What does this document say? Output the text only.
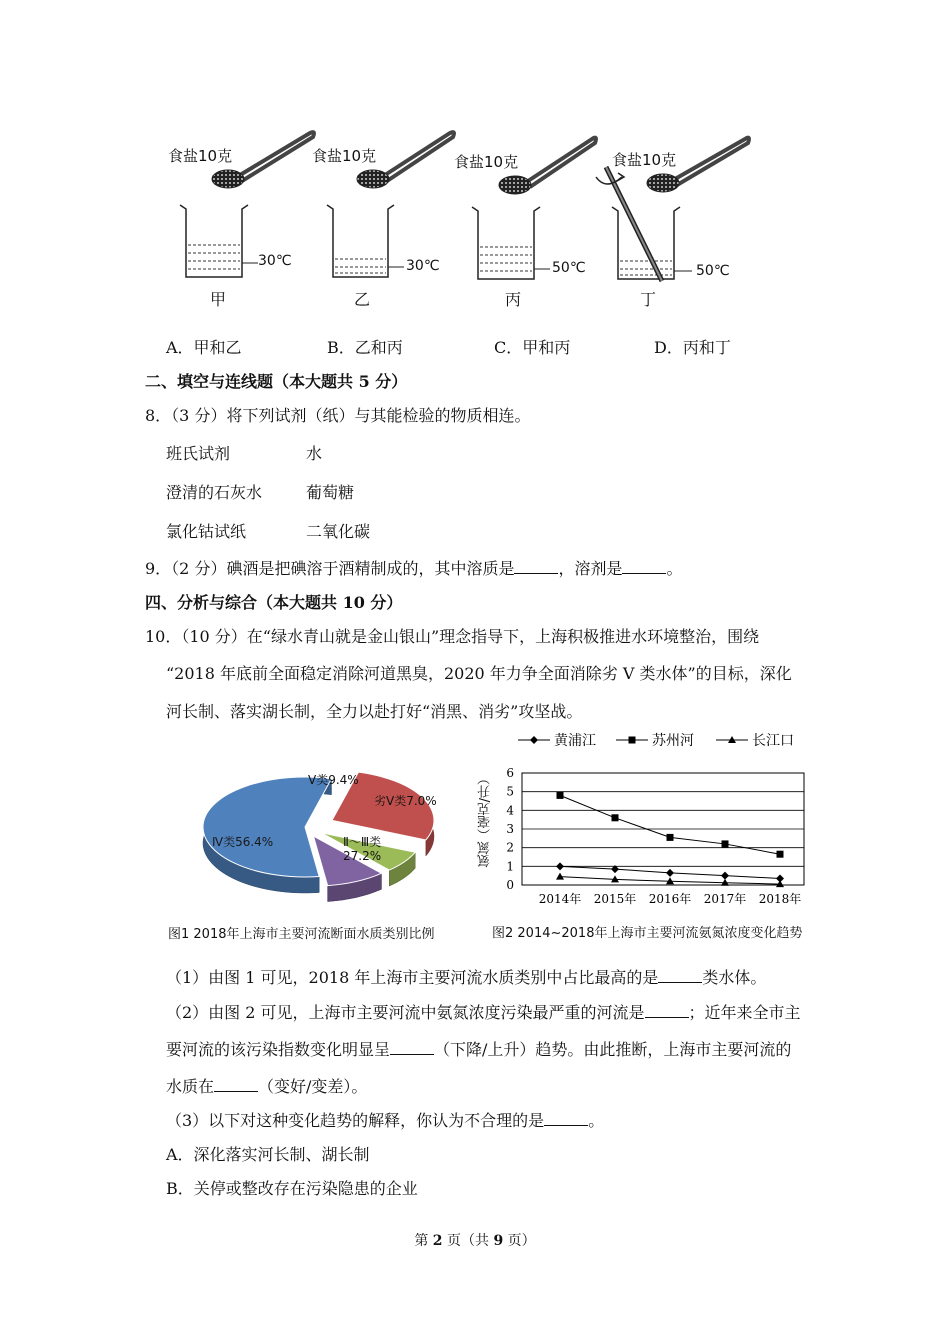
食盐10克	食盐10克	食盐10克	食盐10克
30℃	30℃	50℃	50℃
甲	乙	丙	丁
A．甲和乙	B．乙和丙	C．甲和丙	D．丙和丁
二、填空与连线题（本大题共 5 分）
8．（3 分）将下列试剂（纸）与其能检验的物质相连。
班氏试剂	水
澄清的石灰水	葡萄糖
氯化钴试纸	二氧化碳
9．（2 分）碘酒是把碘溶于酒精制成的，其中溶质是	，溶剂是	。
四、分析与综合（本大题共 10 分）
10．（10 分）在“绿水青山就是金山银山”理念指导下，上海积极推进水环境整治，围绕
“2018 年底前全面稳定消除河道黑臭，2020 年力争全面消除劣 V 类水体”的目标，深化
河长制、落实湖长制，全力以赴打好“消黑、消劣”攻坚战。
Ⅳ类56.4%	Ⅱ～Ⅲ类
27.2%
劣Ⅴ类7.0%
Ⅴ类9.4%
图1 2018年上海市主要河流断面水质类别比例
黄浦江	苏州河	长江口
0
1
2
3
4
5
6
2014年 2015年 2016年 2017年 2018年
氨氮（毫克/升）
图2 2014~2018年上海市主要河流氨氮浓度变化趋势
（1）由图 1 可见，2018 年上海市主要河流水质类别中占比最高的是	类水体。
（2）由图 2 可见，上海市主要河流中氨氮浓度污染最严重的河流是	；近年来全市主
要河流的该污染指数变化明显呈	（下降/上升）趋势。由此推断，上海市主要河流的
水质在	（变好/变差）。
（3）以下对这种变化趋势的解释，你认为不合理的是	。
A．深化落实河长制、湖长制
B．关停或整改存在污染隐患的企业
第 2 页（共 9 页）
